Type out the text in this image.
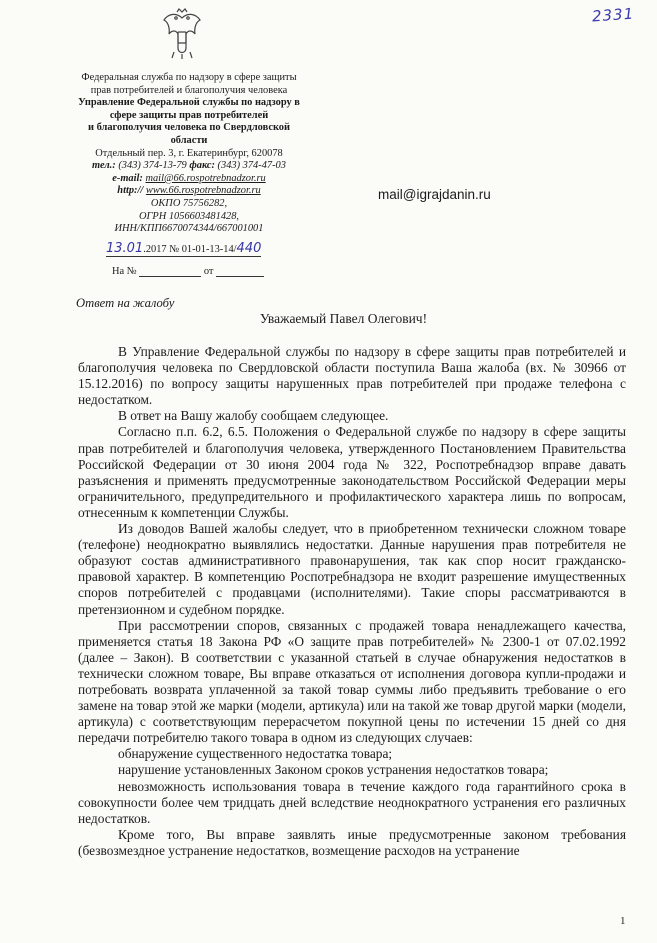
2331
Федеральная служба по надзору в сфере защиты
прав потребителей и благополучия человека
Управление Федеральной службы по надзору в
сфере защиты прав потребителей
и благополучия человека по Свердловской
области
Отдельный пер. 3, г. Екатеринбург, 620078
тел.: (343) 374-13-79 факс: (343) 374-47-03
e-mail: mail@66.rospotrebnadzor.ru
http:// www.66.rospotrebnadzor.ru
ОКПО 75756282,
ОГРН 1056603481428,
ИНН/КПП6670074344/667001001
13.01.2017 № 01-01-13-14/440
На №	от
mail@igrajdanin.ru
Ответ на жалобу
Уважаемый Павел Олегович!

В Управление Федеральной службы по надзору в сфере защиты прав потребителей и благополучия человека по Свердловской области поступила Ваша жалоба (вх. № 30966 от 15.12.2016) по вопросу защиты нарушенных прав потребителей при продаже телефона с недостатком.

В ответ на Вашу жалобу сообщаем следующее.

Согласно п.п. 6.2, 6.5. Положения о Федеральной службе по надзору в сфере защиты прав потребителей и благополучия человека, утвержденного Постановлением Правительства Российской Федерации от 30 июня 2004 года № 322, Роспотребнадзор вправе давать разъяснения и применять предусмотренные законодательством Российской Федерации меры ограничительного, предупредительного и профилактического характера лишь по вопросам, отнесенным к компетенции Службы.

Из доводов Вашей жалобы следует, что в приобретенном технически сложном товаре (телефоне) неоднократно выявлялись недостатки. Данные нарушения прав потребителя не образуют состав административного правонарушения, так как спор носит гражданско-правовой характер. В компетенцию Роспотребнадзора не входит разрешение имущественных споров потребителей с продавцами (исполнителями). Такие споры рассматриваются в претензионном и судебном порядке.

При рассмотрении споров, связанных с продажей товара ненадлежащего качества, применяется статья 18 Закона РФ «О защите прав потребителей» № 2300-1 от 07.02.1992 (далее – Закон). В соответствии с указанной статьей в случае обнаружения недостатков в технически сложном товаре, Вы вправе отказаться от исполнения договора купли-продажи и потребовать возврата уплаченной за такой товар суммы либо предъявить требование о его замене на товар этой же марки (модели, артикула) или на такой же товар другой марки (модели, артикула) с соответствующим перерасчетом покупной цены по истечении 15 дней со дня передачи потребителю такого товара в одном из следующих случаев:

обнаружение существенного недостатка товара;

нарушение установленных Законом сроков устранения недостатков товара;

невозможность использования товара в течение каждого года гарантийного срока в совокупности более чем тридцать дней вследствие неоднократного устранения его различных недостатков.

Кроме того, Вы вправе заявлять иные предусмотренные законом требования (безвозмездное устранение недостатков, возмещение расходов на устранение

1
